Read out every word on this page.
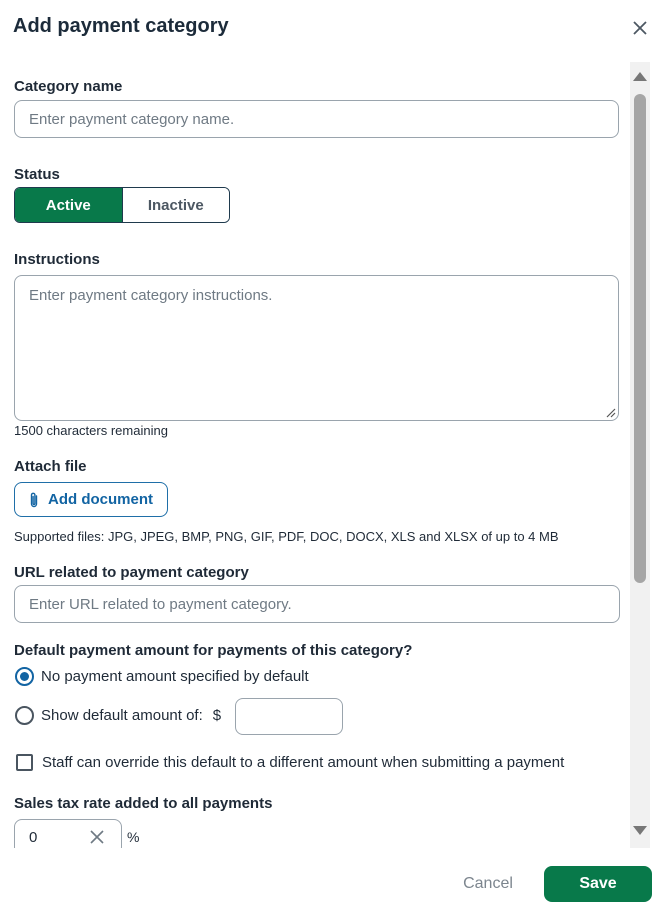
Add payment category
Category name
Enter payment category name.
Status
Active	Inactive
Instructions
Enter payment category instructions.
1500 characters remaining
Attach file
Add document
Supported files: JPG, JPEG, BMP, PNG, GIF, PDF, DOC, DOCX, XLS and XLSX of up to 4 MB
URL related to payment category
Enter URL related to payment category.
Default payment amount for payments of this category?
No payment amount specified by default
Show default amount of: $
Staff can override this default to a different amount when submitting a payment
Sales tax rate added to all payments
0	%
Cancel	Save
